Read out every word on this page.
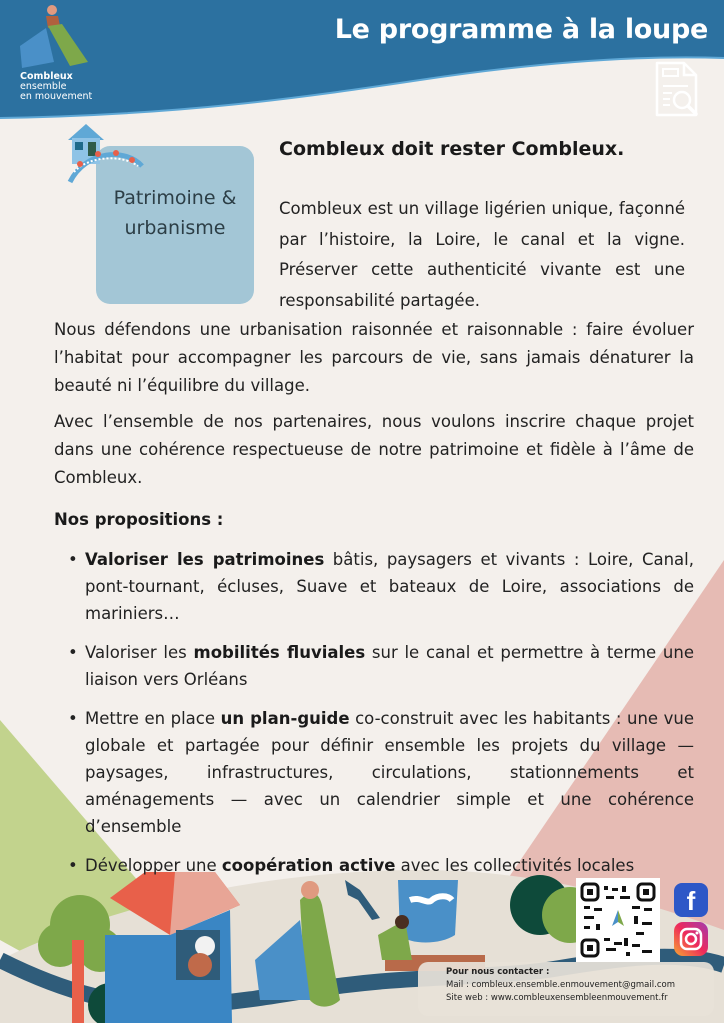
Le programme à la loupe
Combleux
ensemble
en mouvement
Patrimoine & urbanisme
Combleux doit rester Combleux.
Combleux est un village ligérien unique, façonné par l’histoire, la Loire, le canal et la vigne. Préserver cette authenticité vivante est une responsabilité partagée.
Nous défendons une urbanisation raisonnée et raisonnable : faire évoluer l’habitat pour accompagner les parcours de vie, sans jamais dénaturer la beauté ni l’équilibre du village.
Avec l’ensemble de nos partenaires, nous voulons inscrire chaque projet dans une cohérence respectueuse de notre patrimoine et fidèle à l’âme de Combleux.
Nos propositions :
• Valoriser les patrimoines bâtis, paysagers et vivants : Loire, Canal, pont-tournant, écluses, Suave et bateaux de Loire, associations de mariniers…
• Valoriser les mobilités fluviales sur le canal et permettre à terme une liaison vers Orléans
• Mettre en place un plan-guide co-construit avec les habitants : une vue globale et partagée pour définir ensemble les projets du village — paysages, infrastructures, circulations, stationnements et aménagements — avec un calendrier simple et une cohérence d’ensemble
• Développer une coopération active avec les collectivités locales
f
Pour nous contacter :
Mail : combleux.ensemble.enmouvement@gmail.com
Site web : www.combleuxensembleenmouvement.fr
